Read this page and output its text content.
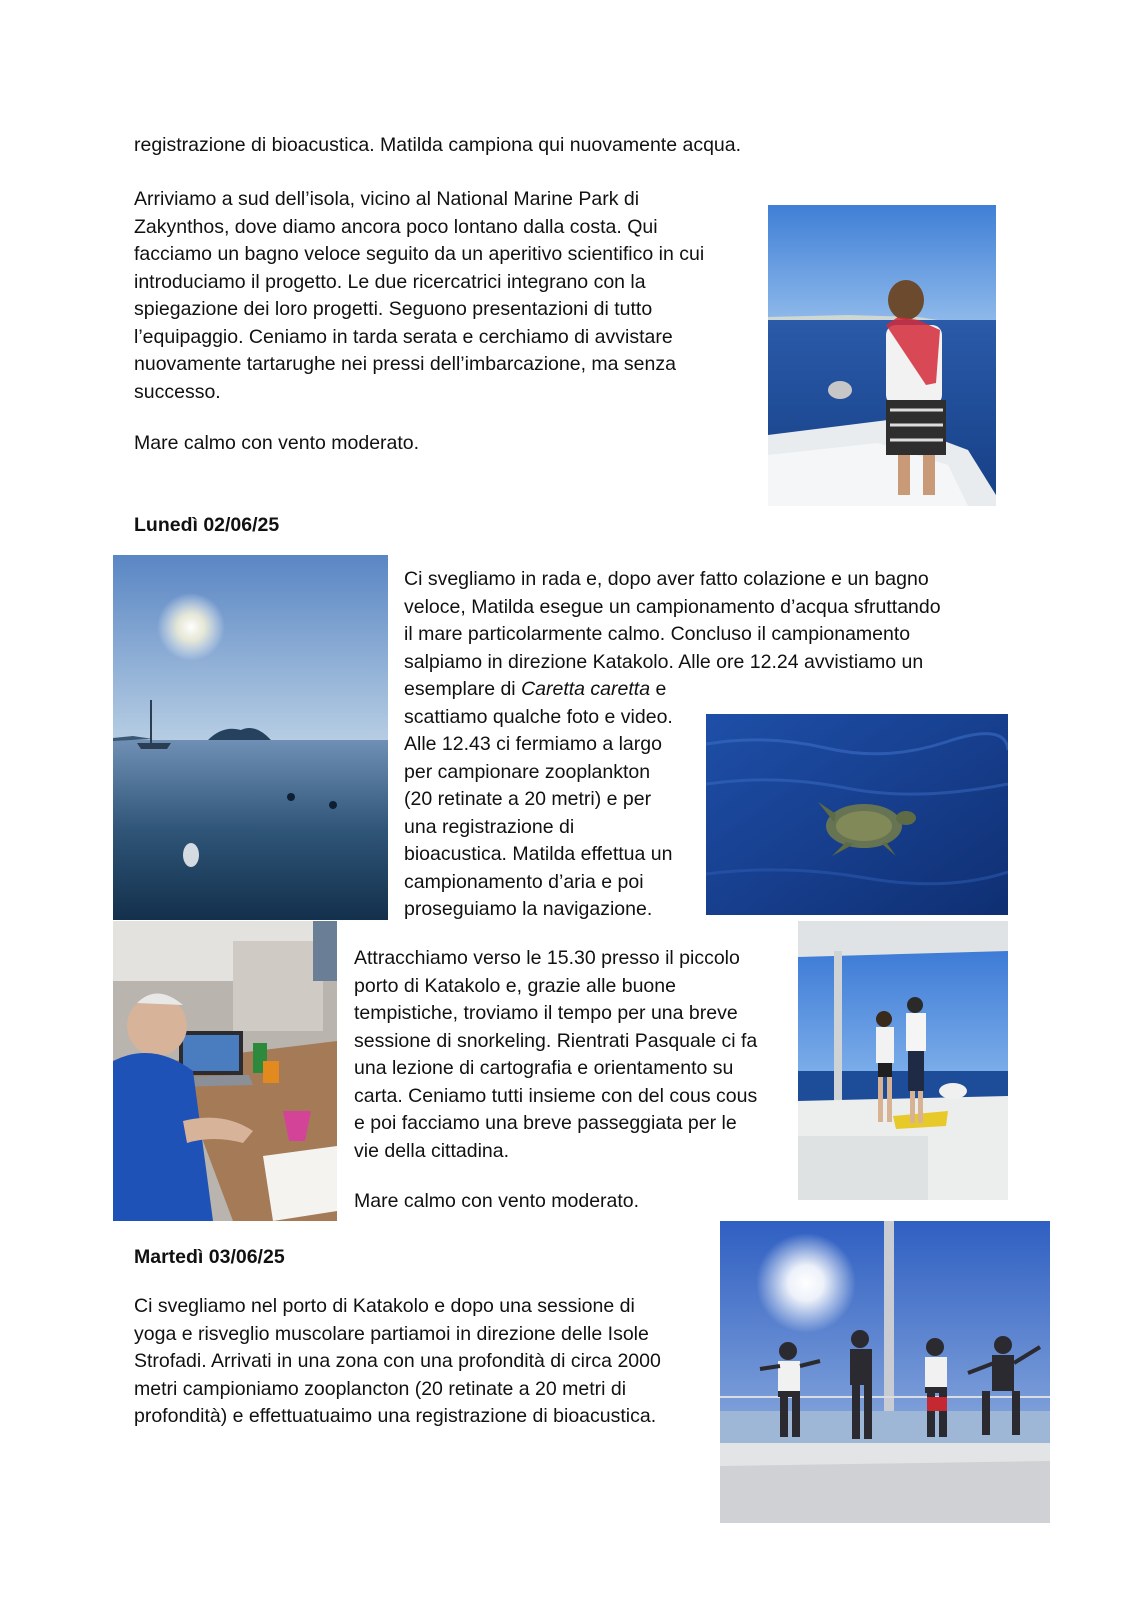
registrazione di bioacustica. Matilda campiona qui nuovamente acqua.

Arriviamo a sud dell’isola, vicino al National Marine Park di

Zakynthos, dove diamo ancora poco lontano dalla costa. Qui

facciamo un bagno veloce seguito da un aperitivo scientifico in cui

introduciamo il progetto. Le due ricercatrici integrano con la

spiegazione dei loro progetti. Seguono presentazioni di tutto

l’equipaggio. Ceniamo in tarda serata e cerchiamo di avvistare

nuovamente tartarughe nei pressi dell’imbarcazione, ma senza

successo.

Mare calmo con vento moderato.

Lunedì 02/06/25

Ci svegliamo in rada e, dopo aver fatto colazione e un bagno

veloce, Matilda esegue un campionamento d’acqua sfruttando

il mare particolarmente calmo. Concluso il campionamento

salpiamo in direzione Katakolo. Alle ore 12.24 avvistiamo un

esemplare di Caretta caretta e

scattiamo qualche foto e video.

Alle 12.43 ci fermiamo a largo

per campionare zooplankton

(20 retinate a 20 metri) e per

una registrazione di

bioacustica. Matilda effettua un

campionamento d’aria e poi

proseguiamo la navigazione.

Attracchiamo verso le 15.30 presso il piccolo

porto di Katakolo e, grazie alle buone

tempistiche, troviamo il tempo per una breve

sessione di snorkeling. Rientrati Pasquale ci fa

una lezione di cartografia e orientamento su

carta. Ceniamo tutti insieme con del cous cous

e poi facciamo una breve passeggiata per le

vie della cittadina.

Mare calmo con vento moderato.

Martedì 03/06/25

Ci svegliamo nel porto di Katakolo e dopo una sessione di

yoga e risveglio muscolare partiamoi in direzione delle Isole

Strofadi. Arrivati in una zona con una profondità di circa 2000

metri campioniamo zooplancton (20 retinate a 20 metri di

profondità) e effettuatuaimo una registrazione di bioacustica.
